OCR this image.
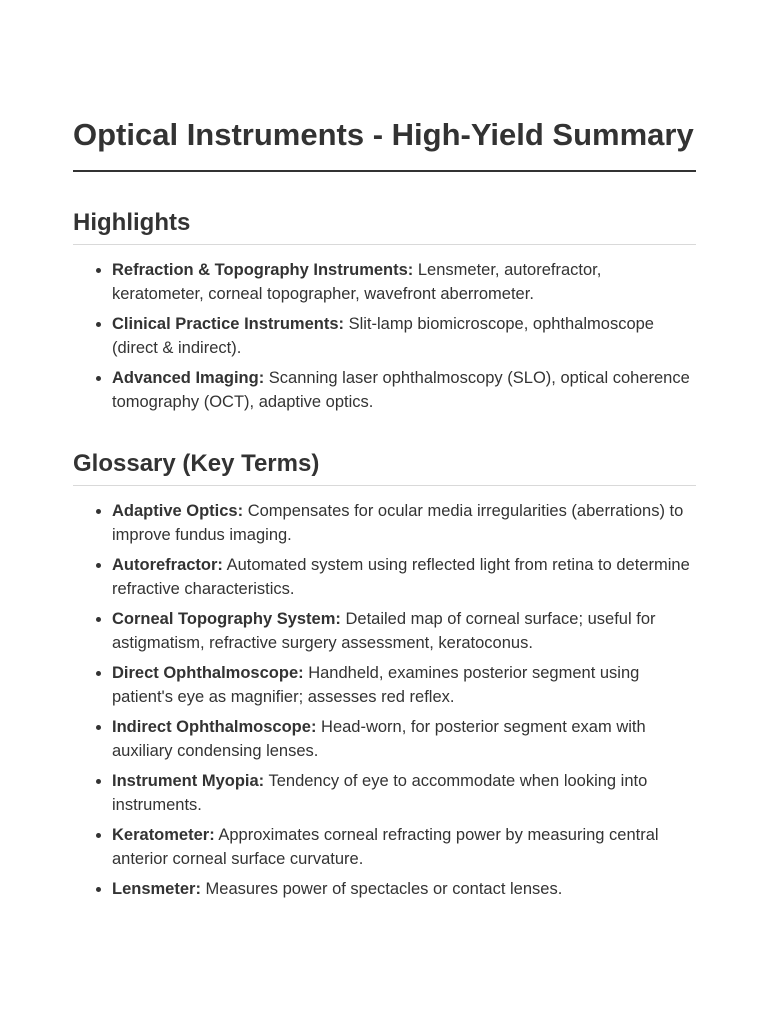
Optical Instruments - High-Yield Summary
Highlights
• Refraction & Topography Instruments: Lensmeter, autorefractor, keratometer, corneal topographer, wavefront aberrometer.
• Clinical Practice Instruments: Slit-lamp biomicroscope, ophthalmoscope (direct & indirect).
• Advanced Imaging: Scanning laser ophthalmoscopy (SLO), optical coherence tomography (OCT), adaptive optics.
Glossary (Key Terms)
• Adaptive Optics: Compensates for ocular media irregularities (aberrations) to improve fundus imaging.
• Autorefractor: Automated system using reflected light from retina to determine refractive characteristics.
• Corneal Topography System: Detailed map of corneal surface; useful for astigmatism, refractive surgery assessment, keratoconus.
• Direct Ophthalmoscope: Handheld, examines posterior segment using patient's eye as magnifier; assesses red reflex.
• Indirect Ophthalmoscope: Head-worn, for posterior segment exam with auxiliary condensing lenses.
• Instrument Myopia: Tendency of eye to accommodate when looking into instruments.
• Keratometer: Approximates corneal refracting power by measuring central anterior corneal surface curvature.
• Lensmeter: Measures power of spectacles or contact lenses.
